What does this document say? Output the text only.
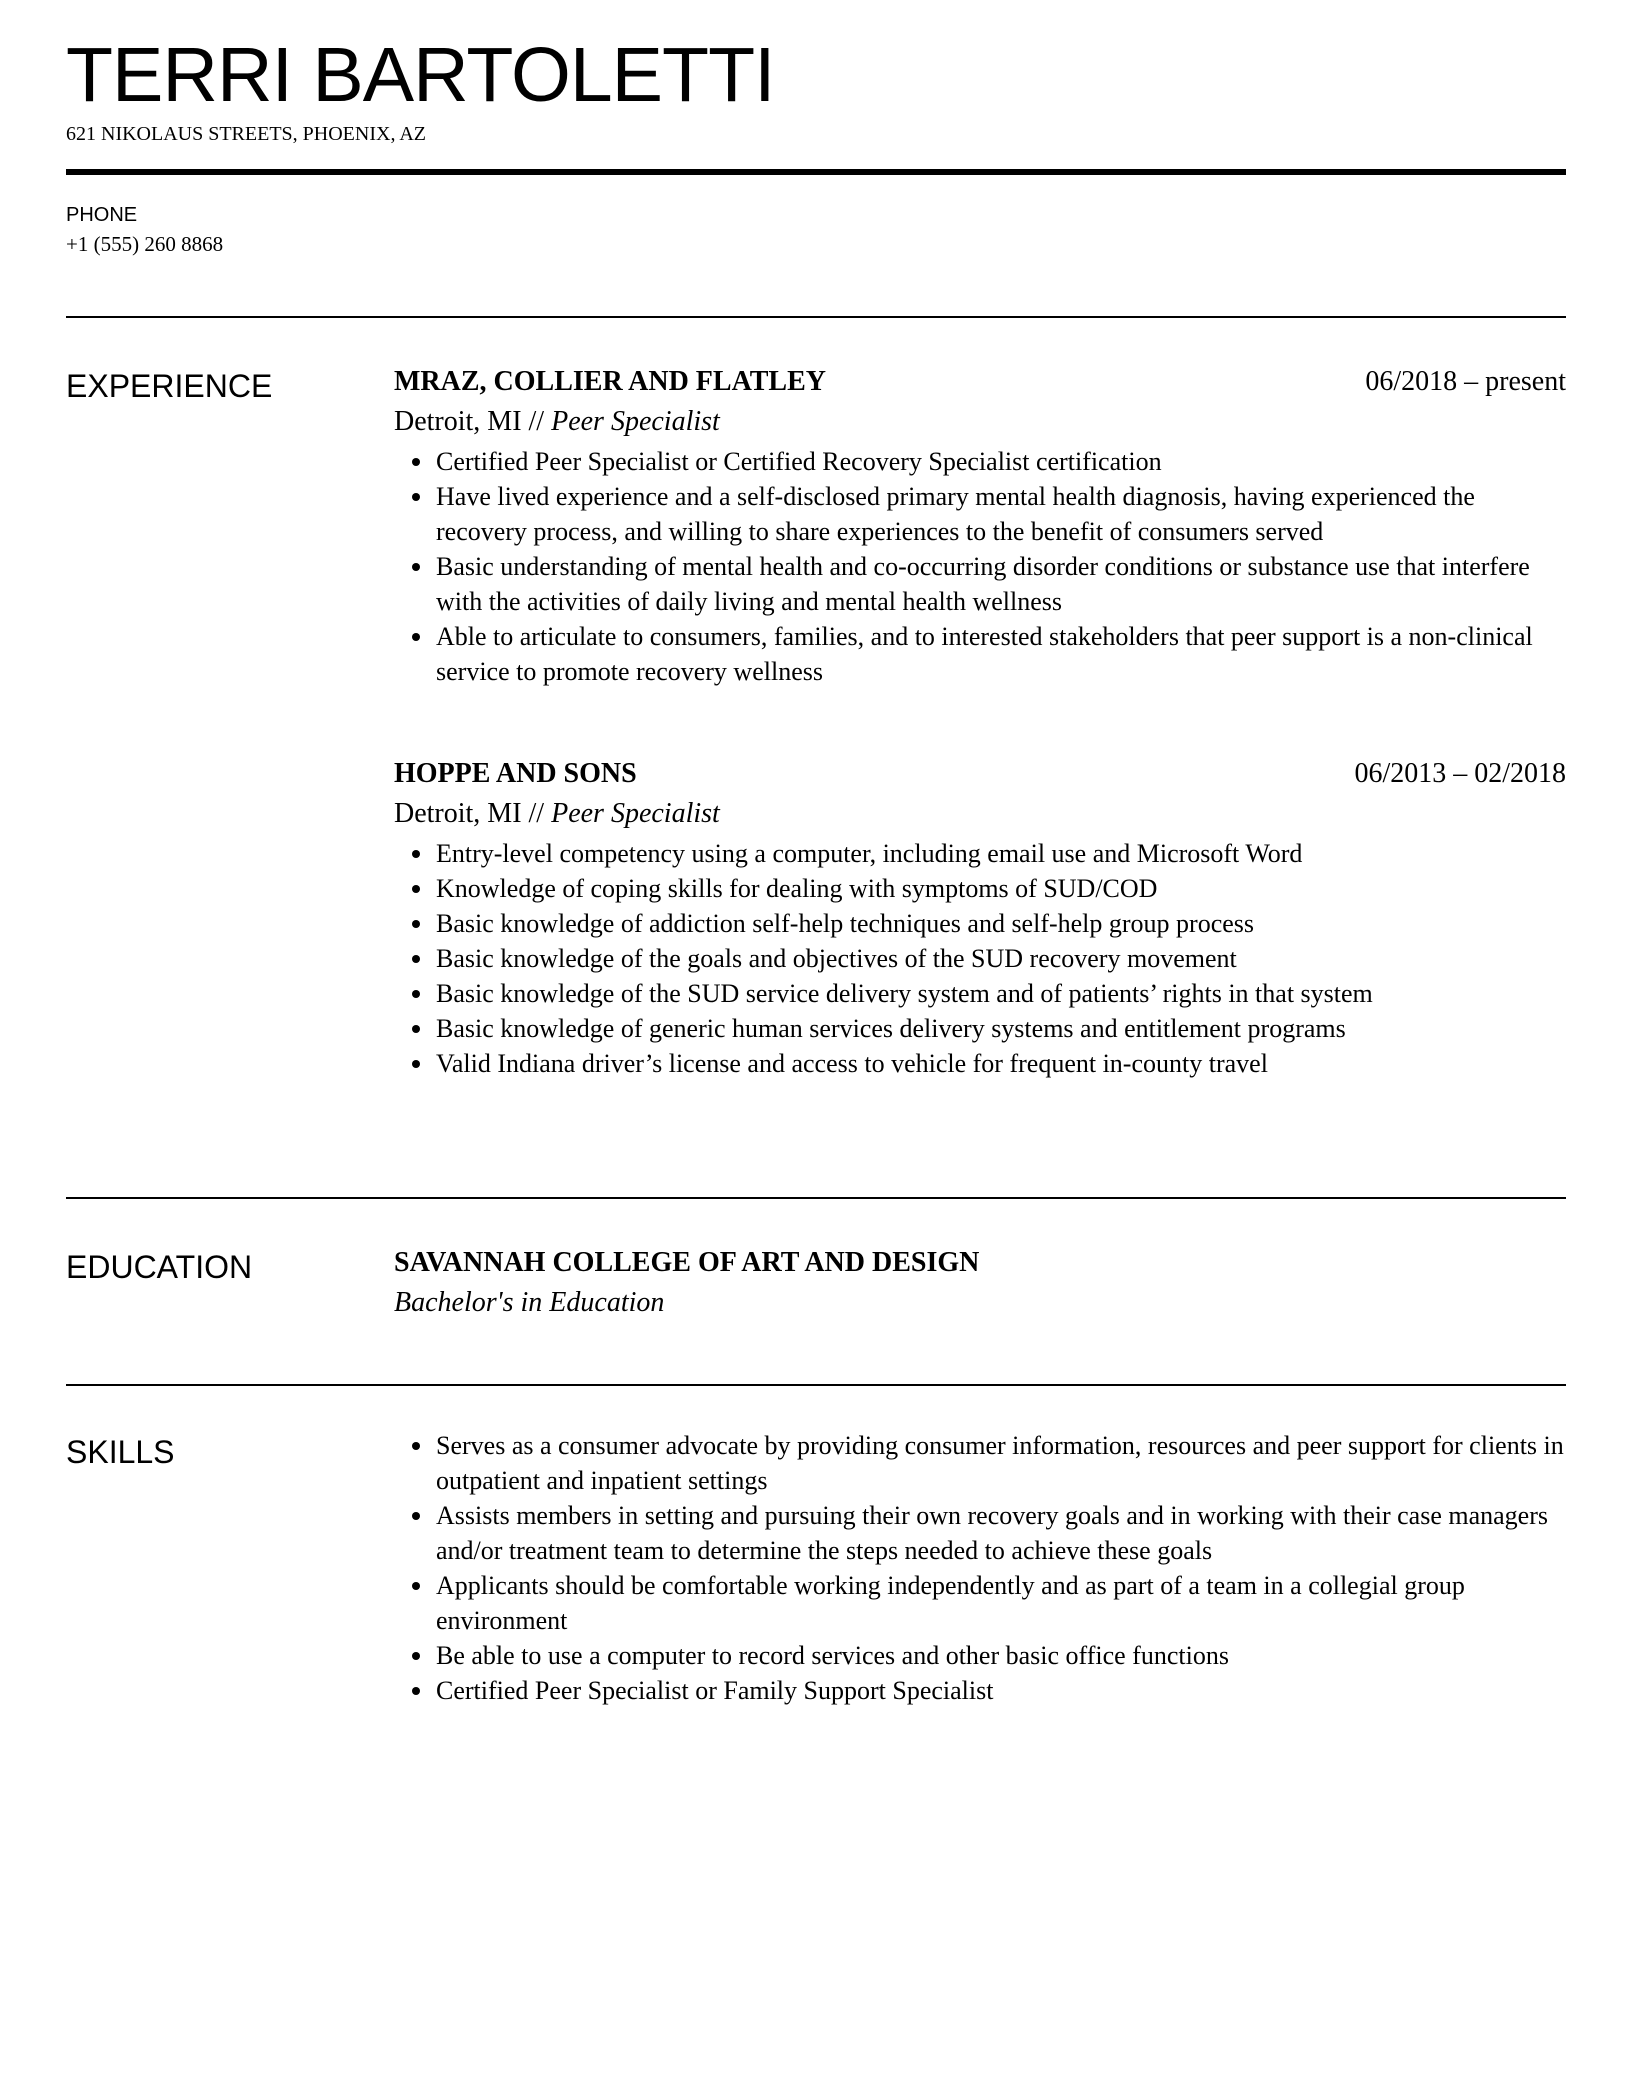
TERRI BARTOLETTI
621 NIKOLAUS STREETS, PHOENIX, AZ
PHONE
+1 (555) 260 8868
EXPERIENCE	MRAZ, COLLIER AND FLATLEY	06/2018 – present
Detroit, MI // Peer Specialist
Certified Peer Specialist or Certified Recovery Specialist certification
Have lived experience and a self-disclosed primary mental health diagnosis, having experienced the recovery process, and willing to share experiences to the benefit of consumers served
Basic understanding of mental health and co-occurring disorder conditions or substance use that interfere with the activities of daily living and mental health wellness
Able to articulate to consumers, families, and to interested stakeholders that peer support is a non-clinical service to promote recovery wellness
HOPPE AND SONS	06/2013 – 02/2018
Detroit, MI // Peer Specialist
Entry-level competency using a computer, including email use and Microsoft Word
Knowledge of coping skills for dealing with symptoms of SUD/COD
Basic knowledge of addiction self-help techniques and self-help group process
Basic knowledge of the goals and objectives of the SUD recovery movement
Basic knowledge of the SUD service delivery system and of patients’ rights in that system
Basic knowledge of generic human services delivery systems and entitlement programs
Valid Indiana driver’s license and access to vehicle for frequent in-county travel
EDUCATION	SAVANNAH COLLEGE OF ART AND DESIGN
Bachelor's in Education
SKILLS	Serves as a consumer advocate by providing consumer information, resources and peer support for clients in outpatient and inpatient settings
Assists members in setting and pursuing their own recovery goals and in working with their case managers and/or treatment team to determine the steps needed to achieve these goals
Applicants should be comfortable working independently and as part of a team in a collegial group environment
Be able to use a computer to record services and other basic office functions
Certified Peer Specialist or Family Support Specialist
